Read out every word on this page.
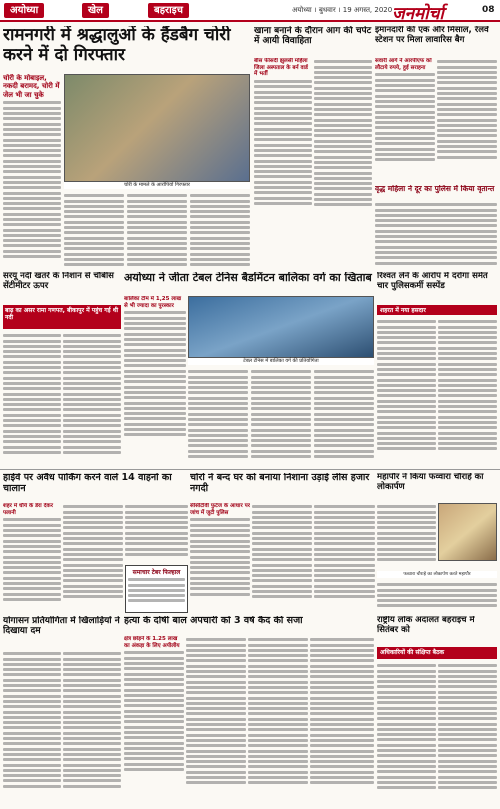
अयोध्या	खेल	बहराइच	अयोध्या । बुधवार । 19 अगस्त, 2020 जनमोर्चा	08
रामनगरी में श्रद्धालुओं के हैंडबैग चोरी करने में दो गिरफ्तार
चोरी के मोबाइल, नकदी बरामद, चोरी में जेल भी जा चुके
चोरी के मामले के आरोपियों गिरफ्तार
खाना बनाने के दौरान आग की चपेट में आयी विवाहिता
बीस फीसदी झुलसी महिला जिला अस्पताल के बर्न वार्ड में भर्ती
इमानदारी की एक और मिसाल, रेलवे स्टेशन पर मिला लावारिस बैग
सवारी आगे ने आरपीएफ को लौटाये रुपये, हुई सराहना
वृद्ध महिला ने दूर का पुलिस में किया वृतान्त
अयोध्या ने जीता टेबल टेनिस बैडमिंटन बालिका वर्ग का खिताब
बालिका टीम में 1,25 लाख से भी ज्यादा का पुरस्कार
टेबल टेनिस में बालिका वर्ग की प्रतियोगिता
सरयू नदी खतरे के निशान से चौबीस सेंटीमीटर ऊपर
बाढ़ का असर रामा गणपत, बीकापुर में पहुंच गई थी नदी
रिश्वत लेने के आरोप में दरोगा समेत चार पुलिसकर्मी सस्पेंड
शहरत में नया हसदार
हाईवे पर अवैध पार्किंग करने वाले 14 वाहनों का चालान
शहर में धौर्य के डेरा देकर पलानी
समाचार टेबर फिल्हाल
चोरों ने बन्द घर को बनाया निशाना उड़ाई लीस हजार नगदी
सीसीटीवी फुटेज के आधार पर जांच में जुटी पुलिस
महापौर ने किया फव्वारा चौराहे का लोकार्पण
फव्वारा चौराहे का लोकार्पण करते महापौर
योगासन प्रतियोगिता में खिलाड़ियों ने दिखाया दम
हत्या के दोषी बाल अपचारी को 3 वर्ष कैद की सजा
क्षेत्र छोड़ने के 1.25 लाख का अंकड़ा के लिए अपीलीय
राष्ट्रीय लोक अदालत बहराइच में सितंबर को
अधिकारियों की संक्षिप्त बैठक
